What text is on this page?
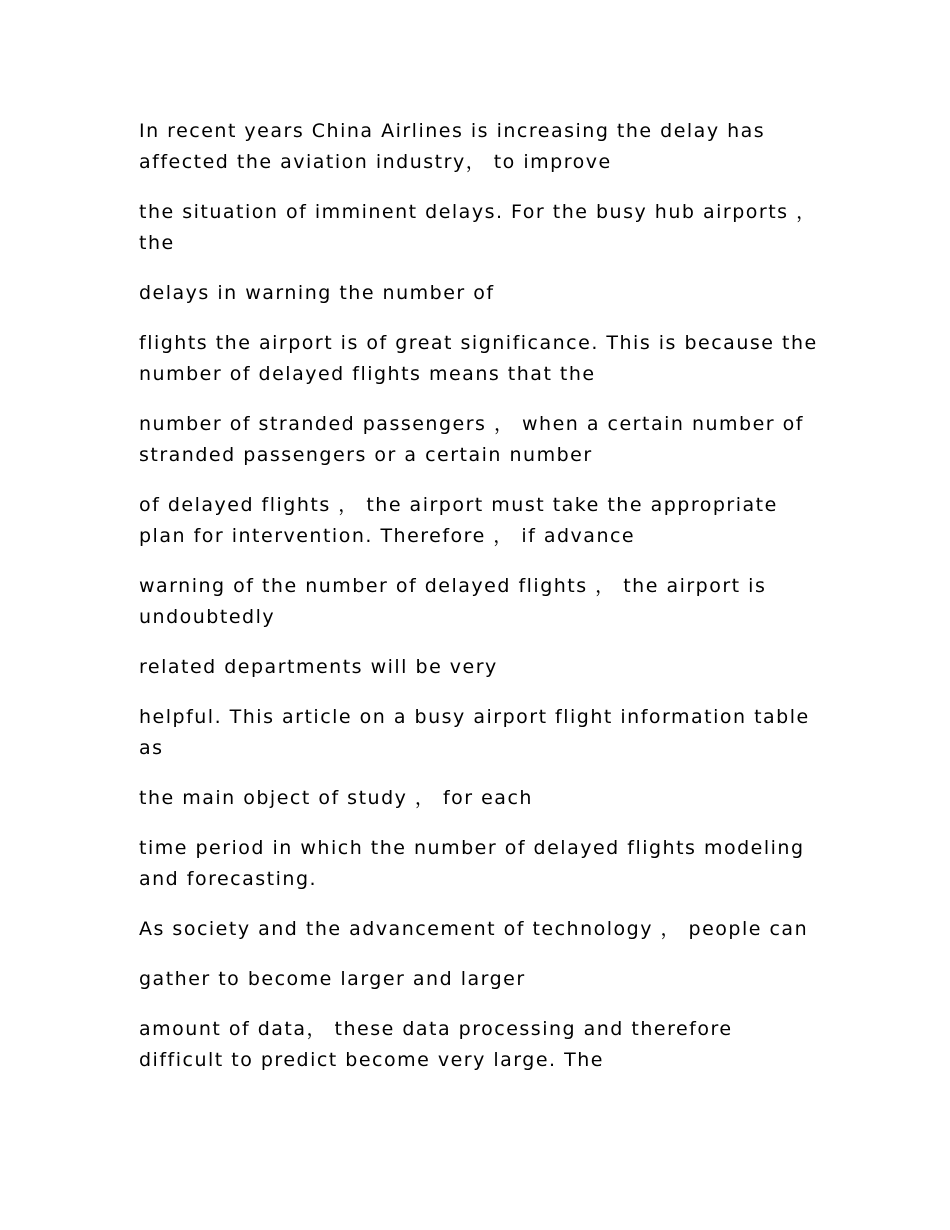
In recent years China Airlines is increasing the delay has affected the aviation industry， to improve

the situation of imminent delays. For the busy hub airports ， the

delays in warning the number of

flights the airport is of great significance. This is because the number of delayed flights means that the

number of stranded passengers ， when a certain number of stranded passengers or a certain number

of delayed flights ， the airport must take the appropriate plan for intervention. Therefore ， if advance

warning of the number of delayed flights ， the airport is undoubtedly

related departments will be very

helpful. This article on a busy airport flight information table as

the main object of study ， for each

time period in which the number of delayed flights modeling and forecasting.

As society and the advancement of technology ， people can

gather to become larger and larger

amount of data， these data processing and therefore difficult to predict become very large. The
